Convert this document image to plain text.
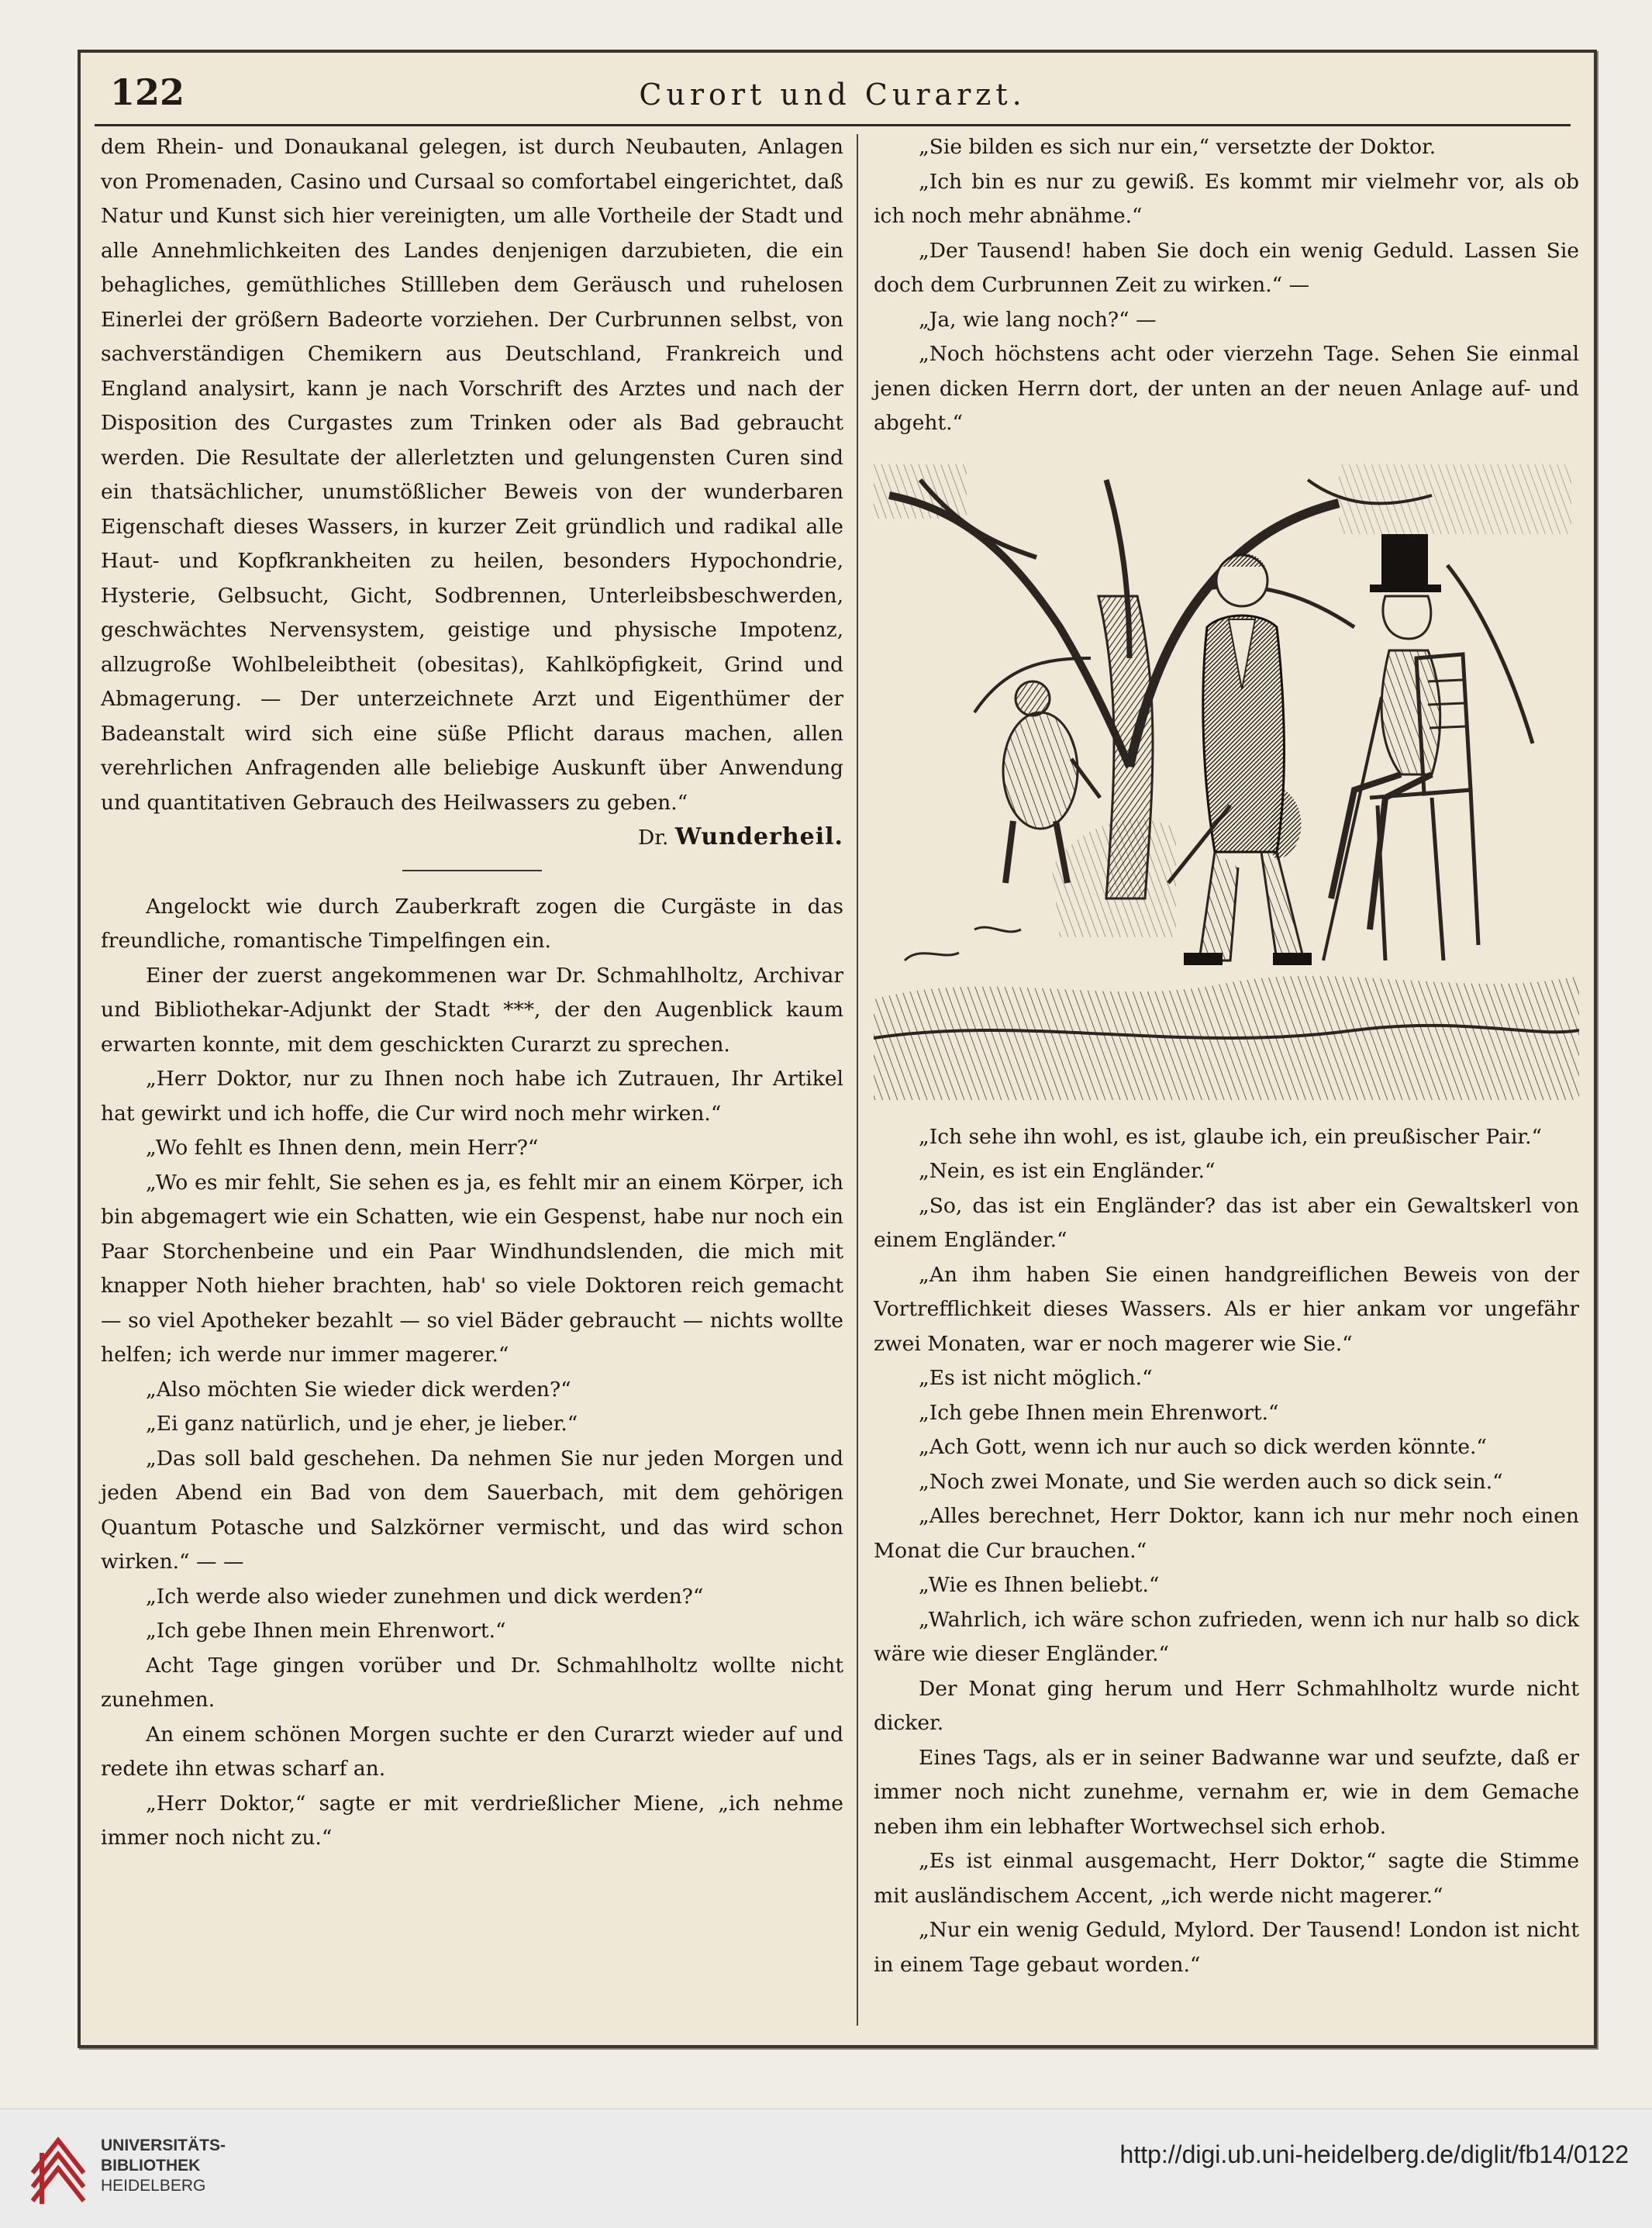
122	Curort und Curarzt.

dem Rhein- und Donaukanal gelegen, ist durch Neubauten, Anlagen von Promenaden, Casino und Cursaal so comfortabel eingerichtet, daß Natur und Kunst sich hier vereinigten, um alle Vortheile der Stadt und alle Annehmlichkeiten des Landes denjenigen darzubieten, die ein behagliches, gemüthliches Stillleben dem Geräusch und ruhelosen Einerlei der größern Badeorte vorziehen. Der Curbrunnen selbst, von sachverständigen Chemikern aus Deutschland, Frankreich und England analysirt, kann je nach Vorschrift des Arztes und nach der Disposition des Curgastes zum Trinken oder als Bad gebraucht werden. Die Resultate der allerletzten und gelungensten Curen sind ein thatsächlicher, unumstößlicher Beweis von der wunderbaren Eigenschaft dieses Wassers, in kurzer Zeit gründlich und radikal alle Haut- und Kopfkrankheiten zu heilen, besonders Hypochondrie, Hysterie, Gelbsucht, Gicht, Sodbrennen, Unterleibsbeschwerden, geschwächtes Nervensystem, geistige und physische Impotenz, allzugroße Wohlbeleibtheit (obesitas), Kahlköpfigkeit, Grind und Abmagerung. — Der unterzeichnete Arzt und Eigenthümer der Badeanstalt wird sich eine süße Pflicht daraus machen, allen verehrlichen Anfragenden alle beliebige Auskunft über Anwendung und quantitativen Gebrauch des Heilwassers zu geben.“

Dr. Wunderheil.

Angelockt wie durch Zauberkraft zogen die Curgäste in das freundliche, romantische Timpelfingen ein.

Einer der zuerst angekommenen war Dr. Schmahlholtz, Archivar und Bibliothekar-Adjunkt der Stadt ***, der den Augenblick kaum erwarten konnte, mit dem geschickten Curarzt zu sprechen.

„Herr Doktor, nur zu Ihnen noch habe ich Zutrauen, Ihr Artikel hat gewirkt und ich hoffe, die Cur wird noch mehr wirken.“

„Wo fehlt es Ihnen denn, mein Herr?“

„Wo es mir fehlt, Sie sehen es ja, es fehlt mir an einem Körper, ich bin abgemagert wie ein Schatten, wie ein Gespenst, habe nur noch ein Paar Storchenbeine und ein Paar Windhundslenden, die mich mit knapper Noth hieher brachten, hab' so viele Doktoren reich gemacht — so viel Apotheker bezahlt — so viel Bäder gebraucht — nichts wollte helfen; ich werde nur immer magerer.“

„Also möchten Sie wieder dick werden?“

„Ei ganz natürlich, und je eher, je lieber.“

„Das soll bald geschehen. Da nehmen Sie nur jeden Morgen und jeden Abend ein Bad von dem Sauerbach, mit dem gehörigen Quantum Potasche und Salzkörner vermischt, und das wird schon wirken.“ — —

„Ich werde also wieder zunehmen und dick werden?“

„Ich gebe Ihnen mein Ehrenwort.“

Acht Tage gingen vorüber und Dr. Schmahlholtz wollte nicht zunehmen.

An einem schönen Morgen suchte er den Curarzt wieder auf und redete ihn etwas scharf an.

„Herr Doktor,“ sagte er mit verdrießlicher Miene, „ich nehme immer noch nicht zu.“

„Sie bilden es sich nur ein,“ versetzte der Doktor.

„Ich bin es nur zu gewiß. Es kommt mir vielmehr vor, als ob ich noch mehr abnähme.“

„Der Tausend! haben Sie doch ein wenig Geduld. Lassen Sie doch dem Curbrunnen Zeit zu wirken.“ —

„Ja, wie lang noch?“ —

„Noch höchstens acht oder vierzehn Tage. Sehen Sie einmal jenen dicken Herrn dort, der unten an der neuen Anlage auf- und abgeht.“

„Ich sehe ihn wohl, es ist, glaube ich, ein preußischer Pair.“

„Nein, es ist ein Engländer.“

„So, das ist ein Engländer? das ist aber ein Gewaltskerl von einem Engländer.“

„An ihm haben Sie einen handgreiflichen Beweis von der Vortrefflichkeit dieses Wassers. Als er hier ankam vor ungefähr zwei Monaten, war er noch magerer wie Sie.“

„Es ist nicht möglich.“

„Ich gebe Ihnen mein Ehrenwort.“

„Ach Gott, wenn ich nur auch so dick werden könnte.“

„Noch zwei Monate, und Sie werden auch so dick sein.“

„Alles berechnet, Herr Doktor, kann ich nur mehr noch einen Monat die Cur brauchen.“

„Wie es Ihnen beliebt.“

„Wahrlich, ich wäre schon zufrieden, wenn ich nur halb so dick wäre wie dieser Engländer.“

Der Monat ging herum und Herr Schmahlholtz wurde nicht dicker.

Eines Tags, als er in seiner Badwanne war und seufzte, daß er immer noch nicht zunehme, vernahm er, wie in dem Gemache neben ihm ein lebhafter Wortwechsel sich erhob.

„Es ist einmal ausgemacht, Herr Doktor,“ sagte die Stimme mit ausländischem Accent, „ich werde nicht magerer.“

„Nur ein wenig Geduld, Mylord. Der Tausend! London ist nicht in einem Tage gebaut worden.“

UNIVERSITÄTS-
BIBLIOTHEK
HEIDELBERG
http://digi.ub.uni-heidelberg.de/diglit/fb14/0122
